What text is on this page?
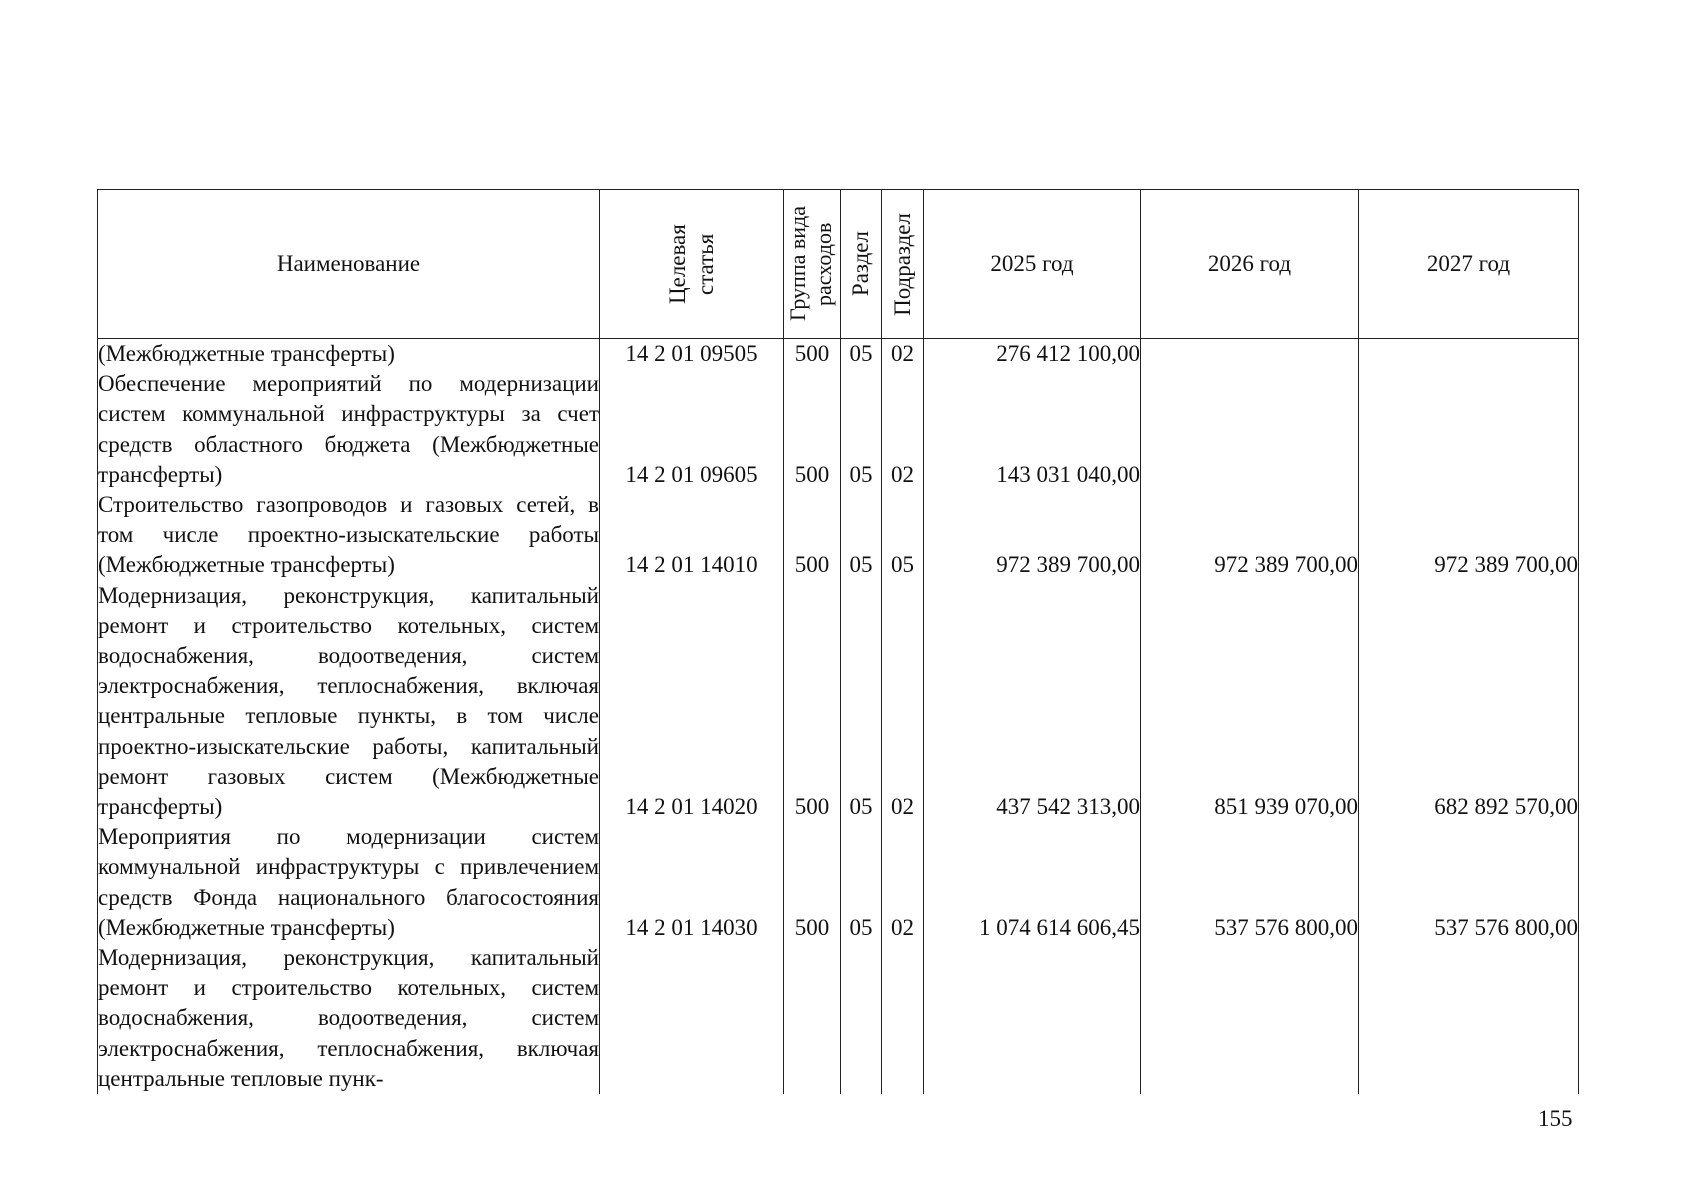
Наименование	Целевая статья	Группа вида расходов	Раздел	Подраздел	2025 год	2026 год	2027 год

(Межбюджетные трансферты)	14 2 01 09505	500	05	02	276 412 100,00		
Обеспечение мероприятий по модернизации систем коммунальной инфраструктуры за счет средств областного бюджета (Межбюджетные трансферты)	14 2 01 09605	500	05	02	143 031 040,00		
Строительство газопроводов и газовых сетей, в том числе проектно-изыскательские работы (Межбюджетные трансферты)	14 2 01 14010	500	05	05	972 389 700,00	972 389 700,00	972 389 700,00
Модернизация, реконструкция, капитальный ремонт и строительство котельных, систем водоснабжения, водоотведения, систем электроснабжения, теплоснабжения, включая центральные тепловые пункты, в том числе проектно-изыскательские работы, капитальный ремонт газовых систем (Межбюджетные трансферты)	14 2 01 14020	500	05	02	437 542 313,00	851 939 070,00	682 892 570,00
Мероприятия по модернизации систем коммунальной инфраструктуры с привлечением средств Фонда национального благосостояния (Межбюджетные трансферты)	14 2 01 14030	500	05	02	1 074 614 606,45	537 576 800,00	537 576 800,00
Модернизация, реконструкция, капитальный ремонт и строительство котельных, систем водоснабжения, водоотведения, систем электроснабжения, теплоснабжения, включая центральные тепловые пунк-							
155
